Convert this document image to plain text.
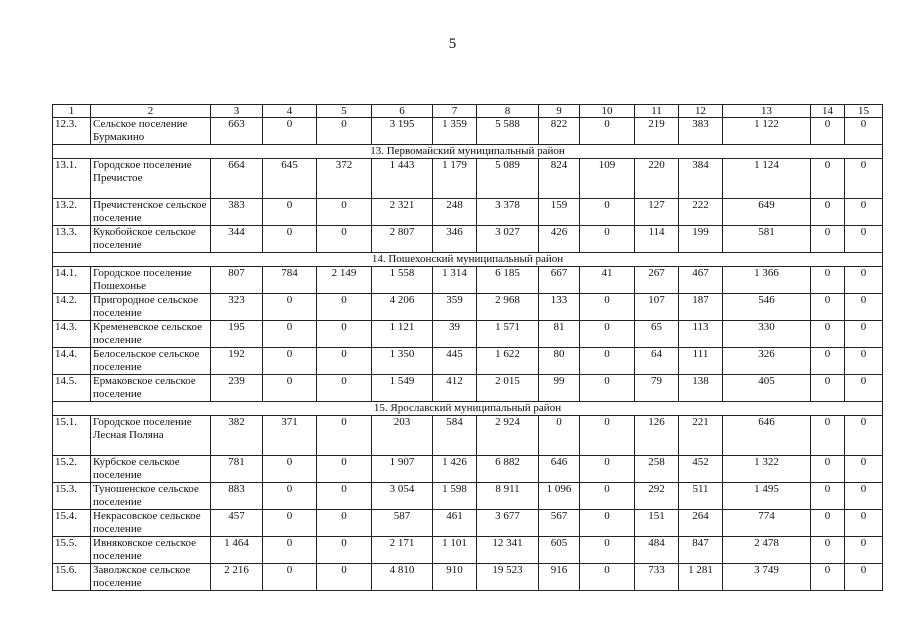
5
1	2	3	4	5	6	7	8	9	10	11	12	13	14	15
12.3.	Сельское поселение Бурмакино	663	0	0	3 195	1 359	5 588	822	0	219	383	1 122	0	0
13. Первомайский муниципальный район														
13.1.	Городское поселение Пречистое	664	645	372	1 443	1 179	5 089	824	109	220	384	1 124	0	0
13.2.	Пречистенское сельское поселение	383	0	0	2 321	248	3 378	159	0	127	222	649	0	0
13.3.	Кукобойское сельское поселение	344	0	0	2 807	346	3 027	426	0	114	199	581	0	0
14. Пошехонский муниципальный район														
14.1.	Городское поселение Пошехонье	807	784	2 149	1 558	1 314	6 185	667	41	267	467	1 366	0	0
14.2.	Пригородное сельское поселение	323	0	0	4 206	359	2 968	133	0	107	187	546	0	0
14.3.	Кременевское сельское поселение	195	0	0	1 121	39	1 571	81	0	65	113	330	0	0
14.4.	Белосельское сельское поселение	192	0	0	1 350	445	1 622	80	0	64	111	326	0	0
14.5.	Ермаковское сельское поселение	239	0	0	1 549	412	2 015	99	0	79	138	405	0	0
15. Ярославский муниципальный район														
15.1.	Городское поселение Лесная Поляна	382	371	0	203	584	2 924	0	0	126	221	646	0	0
15.2.	Курбское сельское поселение	781	0	0	1 907	1 426	6 882	646	0	258	452	1 322	0	0
15.3.	Туношенское сельское поселение	883	0	0	3 054	1 598	8 911	1 096	0	292	511	1 495	0	0
15.4.	Некрасовское сельское поселение	457	0	0	587	461	3 677	567	0	151	264	774	0	0
15.5.	Ивняковское сельское поселение	1 464	0	0	2 171	1 101	12 341	605	0	484	847	2 478	0	0
15.6.	Заволжское сельское поселение	2 216	0	0	4 810	910	19 523	916	0	733	1 281	3 749	0	0
